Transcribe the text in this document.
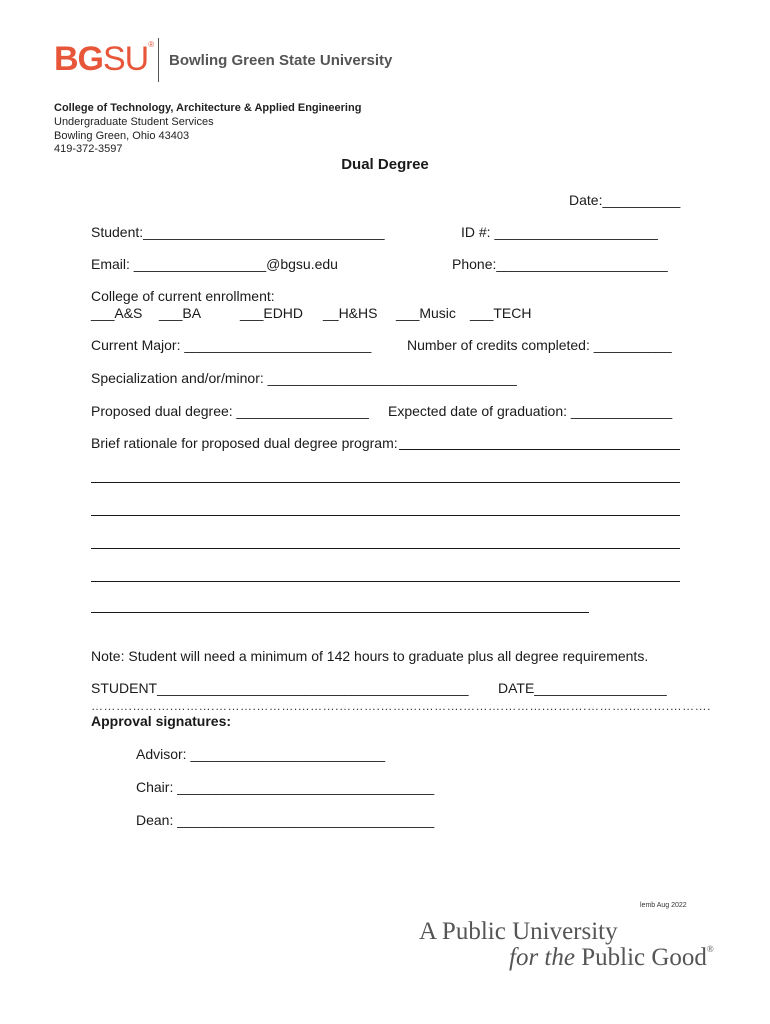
BGSU®
Bowling Green State University
College of Technology, Architecture & Applied Engineering
Undergraduate Student Services
Bowling Green, Ohio 43403
419-372-3597
Dual Degree
Date:__________
Student:_______________________________	ID #: _____________________
Email: _________________@bgsu.edu	Phone:______________________
College of current enrollment:
___A&S ___BA	___EDHD __H&HS ___Music ___TECH
Current Major: ________________________	Number of credits completed: __________
Specialization and/or/minor: ________________________________
Proposed dual degree: _________________ Expected date of graduation: _____________
Brief rationale for proposed dual degree program:
Note: Student will need a minimum of 142 hours to graduate plus all degree requirements.
STUDENT________________________________________ DATE_________________
……….……….……….……….……….……….……….……….……….……….……….……….……….……….……….
Approval signatures:
Advisor: _________________________
Chair: _________________________________
Dean: _________________________________
lemb Aug 2022
A Public University
for the Public Good®
